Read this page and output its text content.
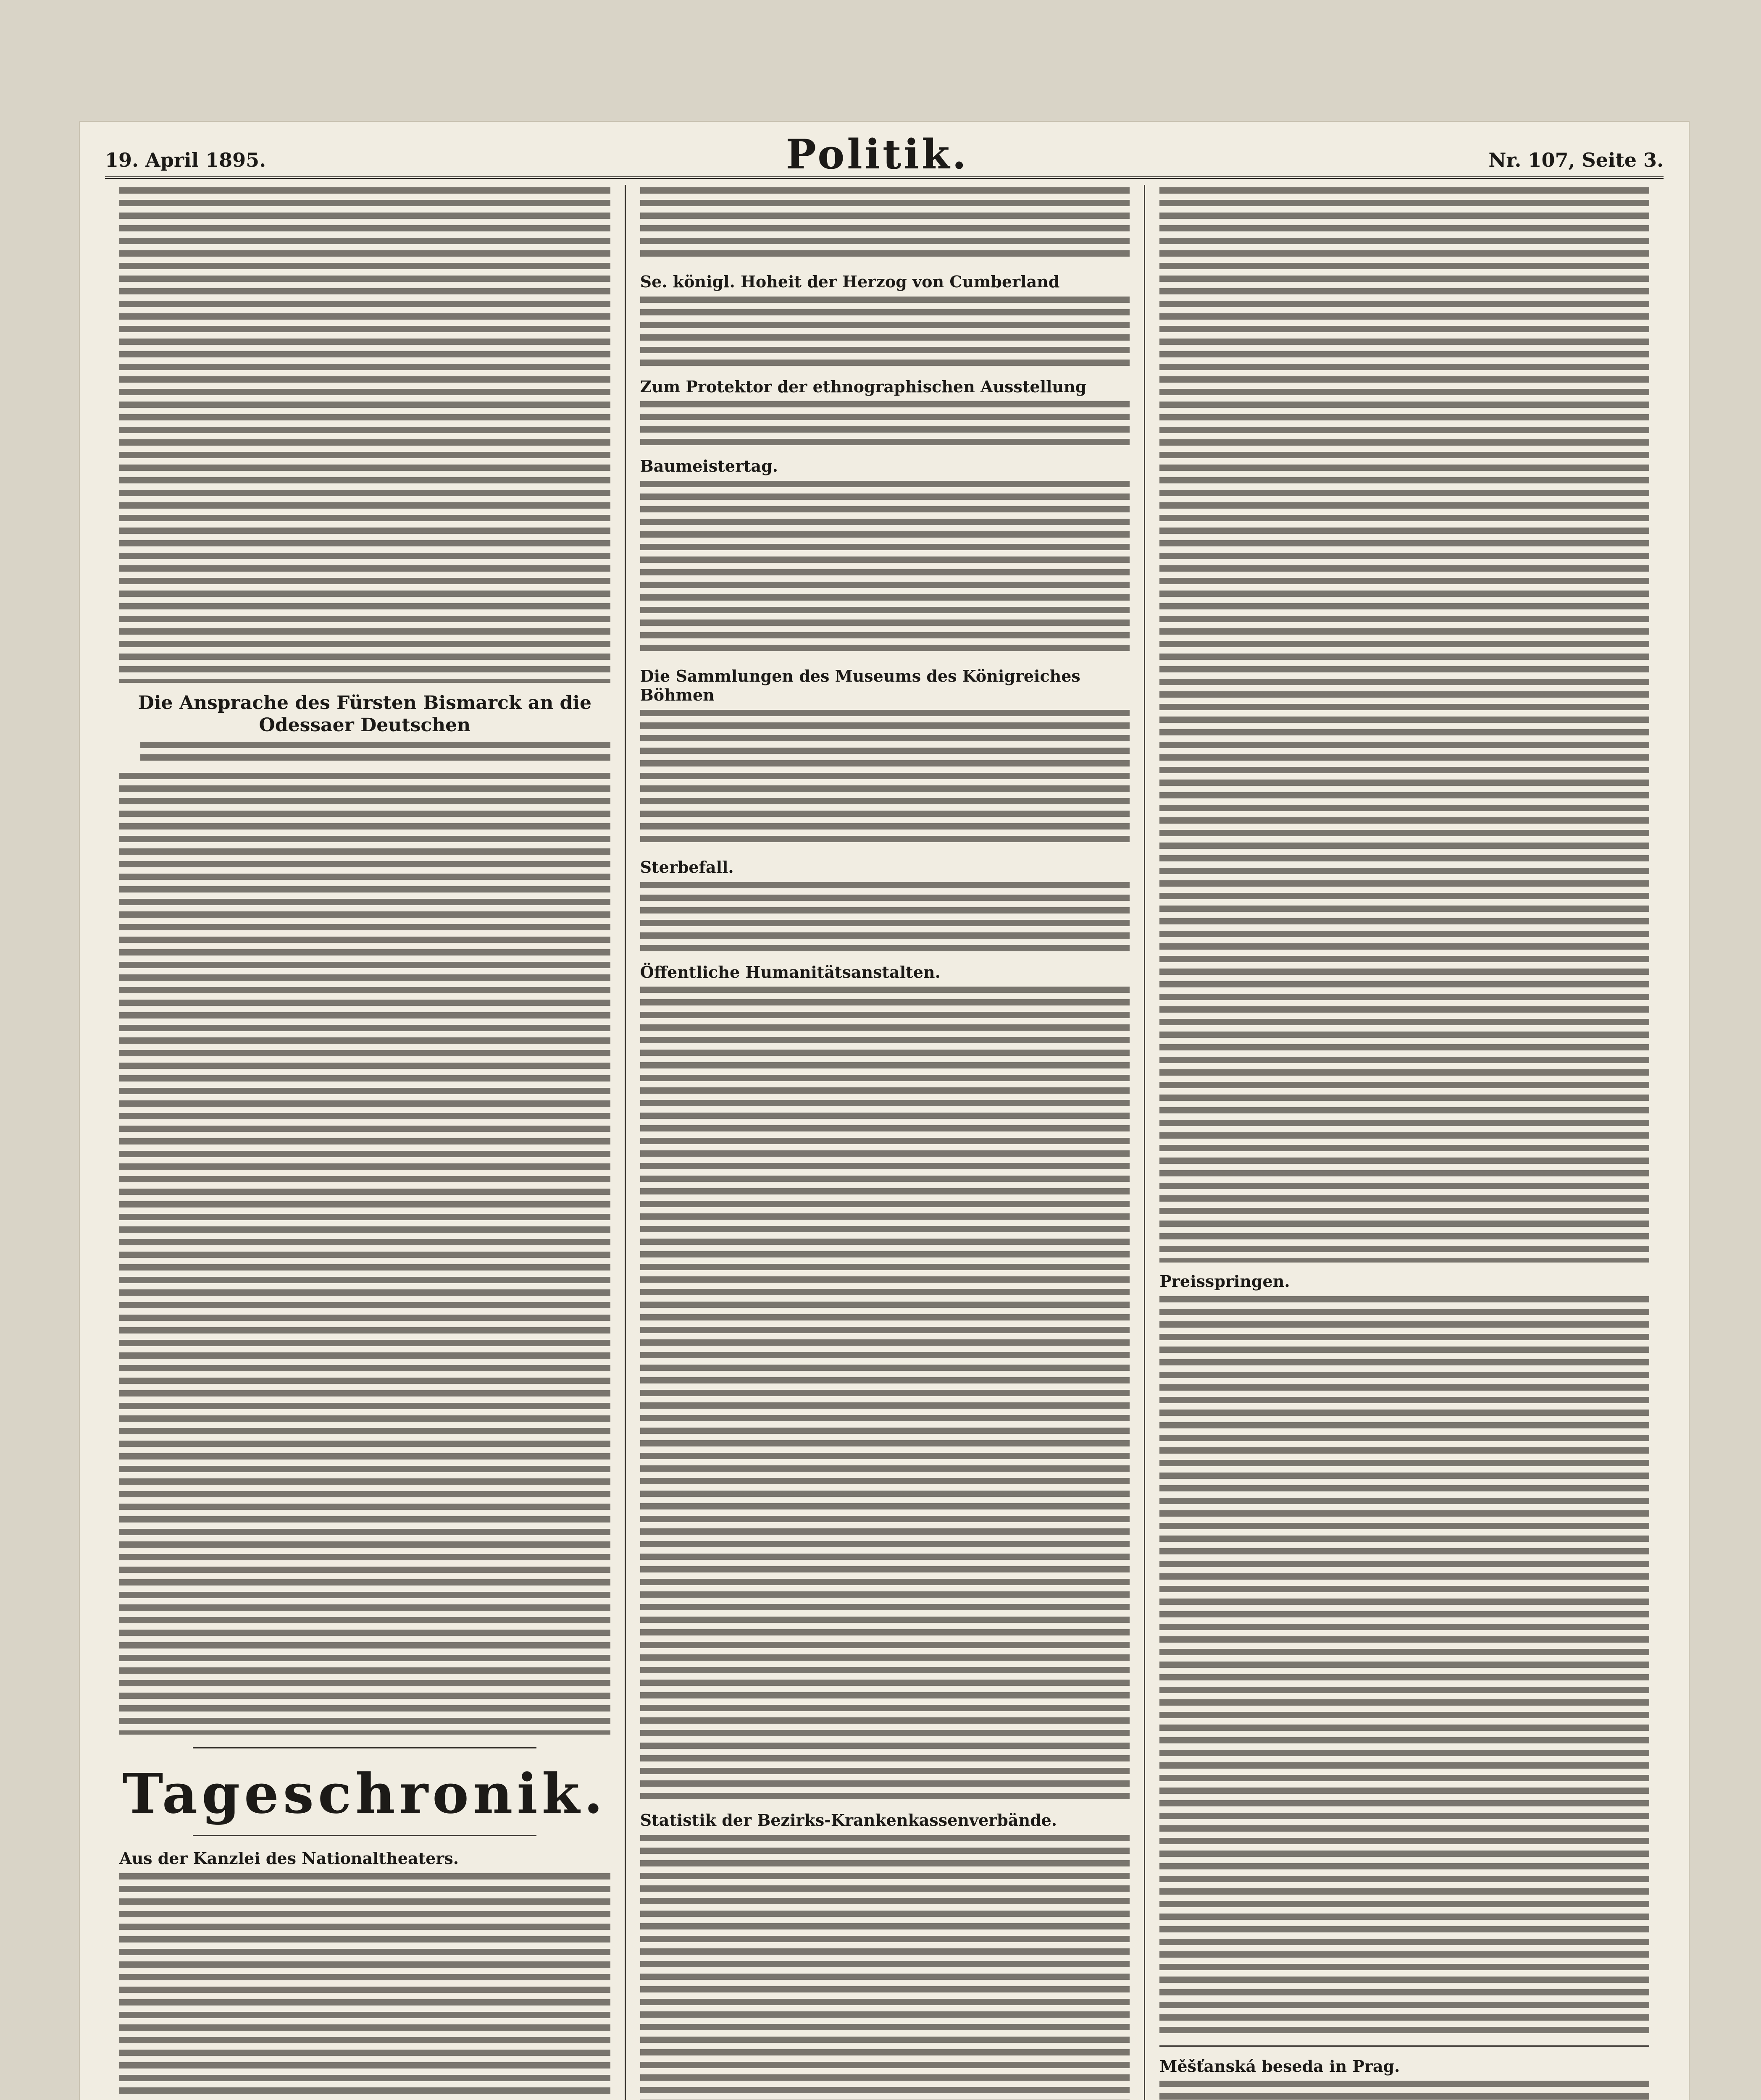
19. April 1895.	Politik.	Nr. 107, Seite 3.
Die Ansprache des Fürsten Bismarck an die Odessaer Deutschen
Tageschronik.
Aus der Kanzlei des Nationaltheaters.
Se. königl. Hoheit der Herzog von Cumberland
Zum Protektor der ethnographischen Ausstellung
Baumeistertag.
Die Sammlungen des Museums des Königreiches Böhmen
Sterbefall.
Öffentliche Humanitätsanstalten.
Statistik der Bezirks-Krankenkassenverbände.
Preisspringen.
Měšťanská beseda in Prag.
